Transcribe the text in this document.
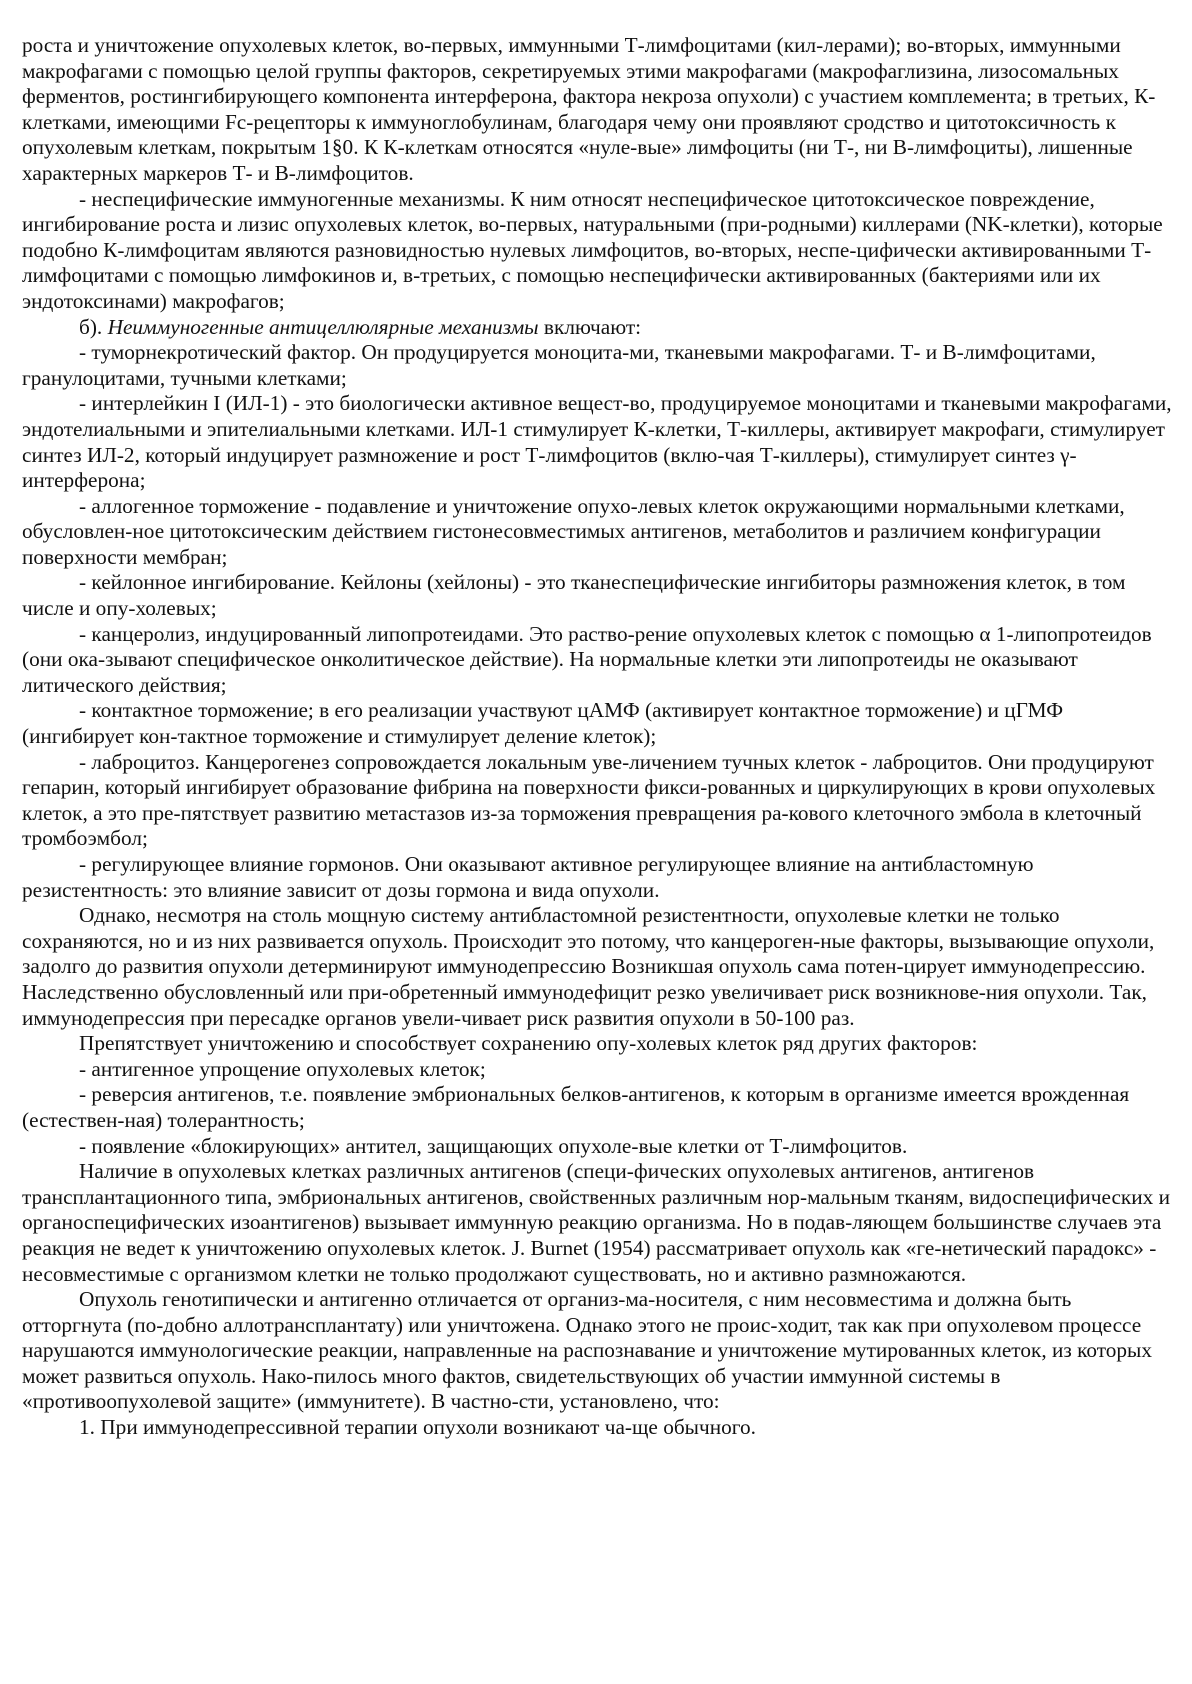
роста и уничтожение опухолевых клеток, во-первых, иммунными Т-лимфоцитами (кил-лерами); во-вторых, иммунными макрофагами с помощью целой группы факторов, секретируемых этими макрофагами (макрофаглизина, лизосомальных ферментов, ростингибирующего компонента интерферона, фактора некроза опухоли) с участием комплемента; в третьих, К-клетками, имеющими Fc-рецепторы к иммуноглобулинам, благодаря чему они проявляют сродство и цитотоксичность к опухолевым клеткам, покрытым 1§0. К К-клеткам относятся «нуле-вые» лимфоциты (ни Т-, ни В-лимфоциты), лишенные характерных маркеров Т- и В-лимфоцитов.

- неспецифические иммуногенные механизмы. К ним относят неспецифическое цитотоксическое повреждение, ингибирование роста и лизис опухолевых клеток, во-первых, натуральными (при-родными) киллерами (NK-клетки), которые подобно К-лимфоцитам являются разновидностью нулевых лимфоцитов, во-вторых, неспе-цифически активированными Т-лимфоцитами с помощью лимфокинов и, в-третьих, с помощью неспецифически активированных (бактериями или их эндотоксинами) макрофагов;

б). Неиммуногенные антицеллюлярные механизмы включают:

- туморнекротический фактор. Он продуцируется моноцита-ми, тканевыми макрофагами. Т- и В-лимфоцитами, гранулоцитами, тучными клетками;

- интерлейкин I (ИЛ-1) - это биологически активное вещест-во, продуцируемое моноцитами и тканевыми макрофагами, эндотелиальными и эпителиальными клетками. ИЛ-1 стимулирует К-клетки, Т-киллеры, активирует макрофаги, стимулирует синтез ИЛ-2, который индуцирует размножение и рост Т-лимфоцитов (вклю-чая Т-киллеры), стимулирует синтез γ-интерферона;

- аллогенное торможение - подавление и уничтожение опухо-левых клеток окружающими нормальными клетками, обусловлен-ное цитотоксическим действием гистонесовместимых антигенов, метаболитов и различием конфигурации поверхности мембран;

- кейлонное ингибирование. Кейлоны (хейлоны) - это тканеспецифические ингибиторы размножения клеток, в том числе и опу-холевых;

- канцеролиз, индуцированный липопротеидами. Это раство-рение опухолевых клеток с помощью α 1-липопротеидов (они ока-зывают специфическое онколитическое действие). На нормальные клетки эти липопротеиды не оказывают литического действия;

- контактное торможение; в его реализации участвуют цАМФ (активирует контактное торможение) и цГМФ (ингибирует кон-тактное торможение и стимулирует деление клеток);

- лаброцитоз. Канцерогенез сопровождается локальным уве-личением тучных клеток - лаброцитов. Они продуцируют гепарин, который ингибирует образование фибрина на поверхности фикси-рованных и циркулирующих в крови опухолевых клеток, а это пре-пятствует развитию метастазов из-за торможения превращения ра-кового клеточного эмбола в клеточный тромбоэмбол;

- регулирующее влияние гормонов. Они оказывают активное регулирующее влияние на антибластомную резистентность: это влияние зависит от дозы гормона и вида опухоли.

Однако, несмотря на столь мощную систему антибластомной резистентности, опухолевые клетки не только сохраняются, но и из них развивается опухоль. Происходит это потому, что канцероген-ные факторы, вызывающие опухоли, задолго до развития опухоли детерминируют иммунодепрессию Возникшая опухоль сама потен-цирует иммунодепрессию. Наследственно обусловленный или при-обретенный иммунодефицит резко увеличивает риск возникнове-ния опухоли. Так, иммунодепрессия при пересадке органов увели-чивает риск развития опухоли в 50-100 раз.

Препятствует уничтожению и способствует сохранению опу-холевых клеток ряд других факторов:

- антигенное упрощение опухолевых клеток;

- реверсия антигенов, т.е. появление эмбриональных белков-антигенов, к которым в организме имеется врожденная (естествен-ная) толерантность;

- появление «блокирующих» антител, защищающих опухоле-вые клетки от Т-лимфоцитов.

Наличие в опухолевых клетках различных антигенов (специ-фических опухолевых антигенов, антигенов трансплантационного типа, эмбриональных антигенов, свойственных различным нор-мальным тканям, видоспецифических и органоспецифических изоантигенов) вызывает иммунную реакцию организма. Но в подав-ляющем большинстве случаев эта реакция не ведет к уничтожению опухолевых клеток. J. Burnet (1954) рассматривает опухоль как «ге-нетический парадокс» - несовместимые с организмом клетки не только продолжают существовать, но и активно размножаются.

Опухоль генотипически и антигенно отличается от организ-ма-носителя, с ним несовместима и должна быть отторгнута (по-добно аллотрансплантату) или уничтожена. Однако этого не проис-ходит, так как при опухолевом процессе нарушаются иммунологические реакции, направленные на распознавание и уничтожение мутированных клеток, из которых может развиться опухоль. Нако-пилось много фактов, свидетельствующих об участии иммунной системы в «противоопухолевой защите» (иммунитете). В частно-сти, установлено, что:

1. При иммунодепрессивной терапии опухоли возникают ча-ще обычного.
